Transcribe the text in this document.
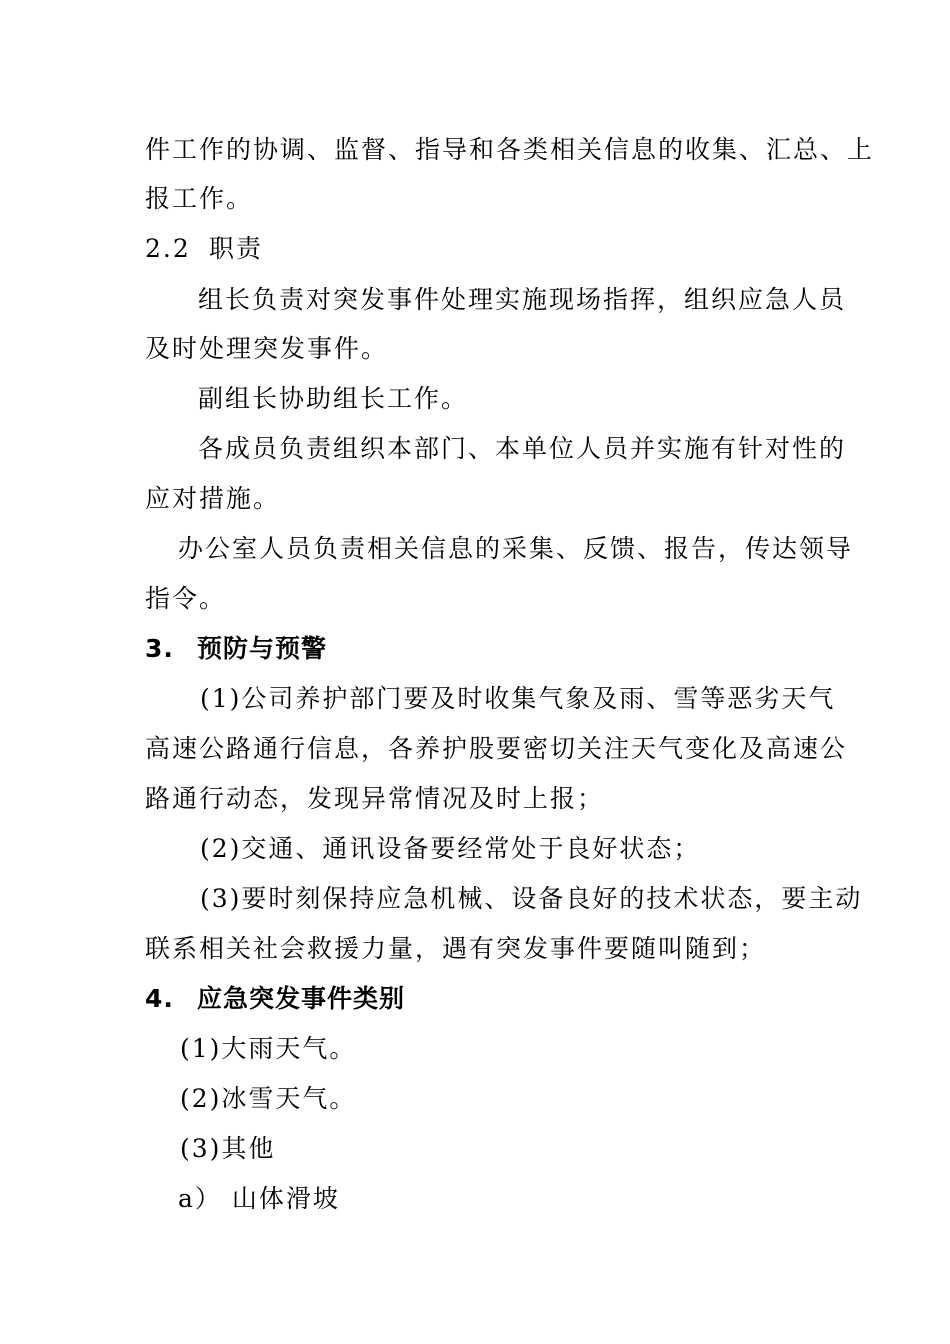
件工作的协调、监督、指导和各类相关信息的收集、汇总、上
报工作。
2.2 职责
组长负责对突发事件处理实施现场指挥，组织应急人员
及时处理突发事件。
副组长协助组长工作。
各成员负责组织本部门、本单位人员并实施有针对性的
应对措施。
办公室人员负责相关信息的采集、反馈、报告，传达领导
指令。
3. 预防与预警
(1)公司养护部门要及时收集气象及雨、雪等恶劣天气
高速公路通行信息，各养护股要密切关注天气变化及高速公
路通行动态，发现异常情况及时上报；
(2)交通、通讯设备要经常处于良好状态；
(3)要时刻保持应急机械、设备良好的技术状态，要主动
联系相关社会救援力量，遇有突发事件要随叫随到；
4. 应急突发事件类别
(1)大雨天气。
(2)冰雪天气。
(3)其他
a） 山体滑坡
